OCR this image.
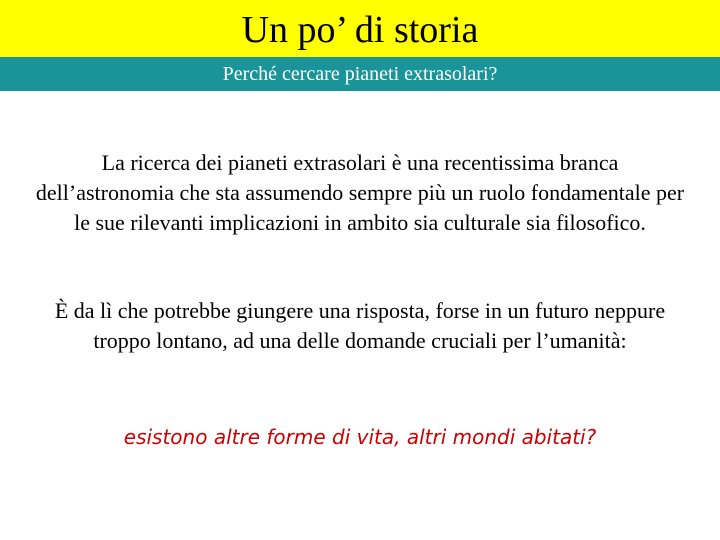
Un po’ di storia
Perché cercare pianeti extrasolari?

La ricerca dei pianeti extrasolari è una recentissima branca
dell’astronomia che sta assumendo sempre più un ruolo fondamentale per
le sue rilevanti implicazioni in ambito sia culturale sia filosofico.

È da lì che potrebbe giungere una risposta, forse in un futuro neppure
troppo lontano, ad una delle domande cruciali per l’umanità:

esistono altre forme di vita, altri mondi abitati?
